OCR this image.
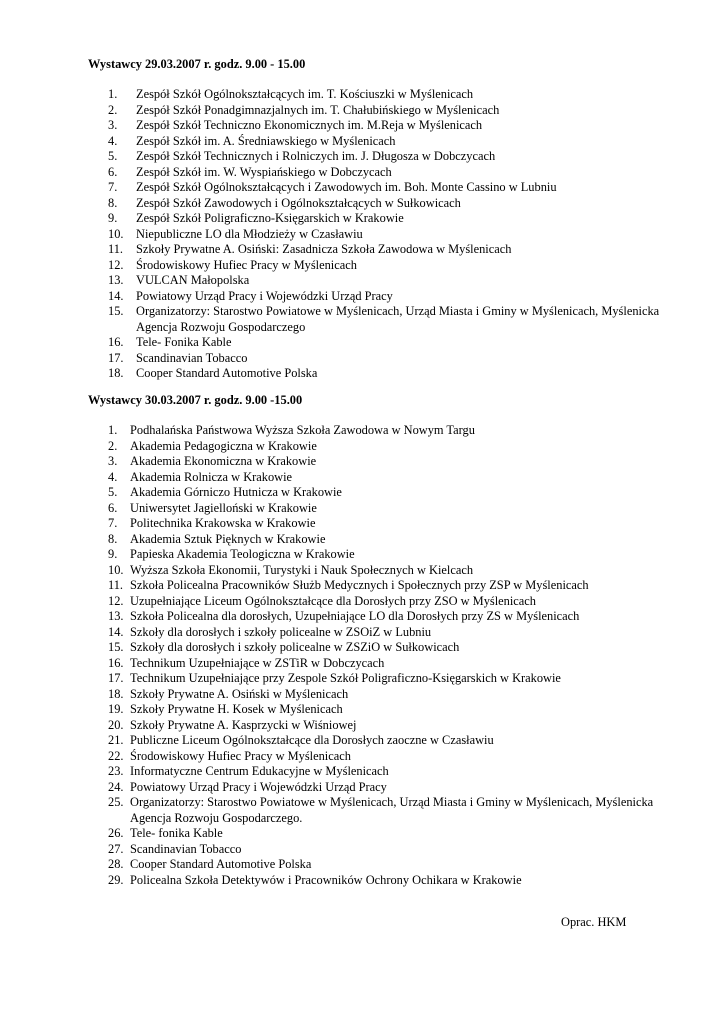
Wystawcy 29.03.2007 r. godz. 9.00 - 15.00
1. Zespół Szkół Ogólnokształcących im. T. Kościuszki w Myślenicach
2. Zespół Szkół Ponadgimnazjalnych im. T. Chałubińskiego w Myślenicach
3. Zespół Szkół Techniczno Ekonomicznych im. M.Reja w Myślenicach
4. Zespół Szkół im. A. Średniawskiego w Myślenicach
5. Zespół Szkół Technicznych i Rolniczych im. J. Długosza w Dobczycach
6. Zespół Szkół im. W. Wyspiańskiego w Dobczycach
7. Zespół Szkół Ogólnokształcących i Zawodowych im. Boh. Monte Cassino w Lubniu
8. Zespół Szkół Zawodowych i Ogólnokształcących w Sułkowicach
9. Zespół Szkół Poligraficzno-Księgarskich w Krakowie
10. Niepubliczne LO dla Młodzieży w Czasławiu
11. Szkoły Prywatne A. Osiński: Zasadnicza Szkoła Zawodowa w Myślenicach
12. Środowiskowy Hufiec Pracy w Myślenicach
13. VULCAN Małopolska
14. Powiatowy Urząd Pracy i Wojewódzki Urząd Pracy
15. Organizatorzy: Starostwo Powiatowe w Myślenicach, Urząd Miasta i Gminy w Myślenicach, Myślenicka Agencja Rozwoju Gospodarczego
16. Tele- Fonika Kable
17. Scandinavian Tobacco
18. Cooper Standard Automotive Polska
Wystawcy 30.03.2007 r. godz. 9.00 -15.00
1. Podhalańska Państwowa Wyższa Szkoła Zawodowa w Nowym Targu
2. Akademia Pedagogiczna w Krakowie
3. Akademia Ekonomiczna w Krakowie
4. Akademia Rolnicza w Krakowie
5. Akademia Górniczo Hutnicza w Krakowie
6. Uniwersytet Jagielloński w Krakowie
7. Politechnika Krakowska w Krakowie
8. Akademia Sztuk Pięknych w Krakowie
9. Papieska Akademia Teologiczna w Krakowie
10. Wyższa Szkoła Ekonomii, Turystyki i Nauk Społecznych w Kielcach
11. Szkoła Policealna Pracowników Służb Medycznych i Społecznych przy ZSP w Myślenicach
12. Uzupełniające Liceum Ogólnokształcące dla Dorosłych przy ZSO w Myślenicach
13. Szkoła Policealna dla dorosłych, Uzupełniające LO dla Dorosłych przy ZS w Myślenicach
14. Szkoły dla dorosłych i szkoły policealne w ZSOiZ w Lubniu
15. Szkoły dla dorosłych i szkoły policealne w ZSZiO w Sułkowicach
16. Technikum Uzupełniające w ZSTiR w Dobczycach
17. Technikum Uzupełniające przy Zespole Szkół Poligraficzno-Księgarskich w Krakowie
18. Szkoły Prywatne A. Osiński w Myślenicach
19. Szkoły Prywatne H. Kosek w Myślenicach
20. Szkoły Prywatne A. Kasprzycki w Wiśniowej
21. Publiczne Liceum Ogólnokształcące dla Dorosłych zaoczne w Czasławiu
22. Środowiskowy Hufiec Pracy w Myślenicach
23. Informatyczne Centrum Edukacyjne w Myślenicach
24. Powiatowy Urząd Pracy i Wojewódzki Urząd Pracy
25. Organizatorzy: Starostwo Powiatowe w Myślenicach, Urząd Miasta i Gminy w Myślenicach, Myślenicka Agencja Rozwoju Gospodarczego.
26. Tele- fonika Kable
27. Scandinavian Tobacco
28. Cooper Standard Automotive Polska
29. Policealna Szkoła Detektywów i Pracowników Ochrony Ochikara w Krakowie
Oprac. HKM
